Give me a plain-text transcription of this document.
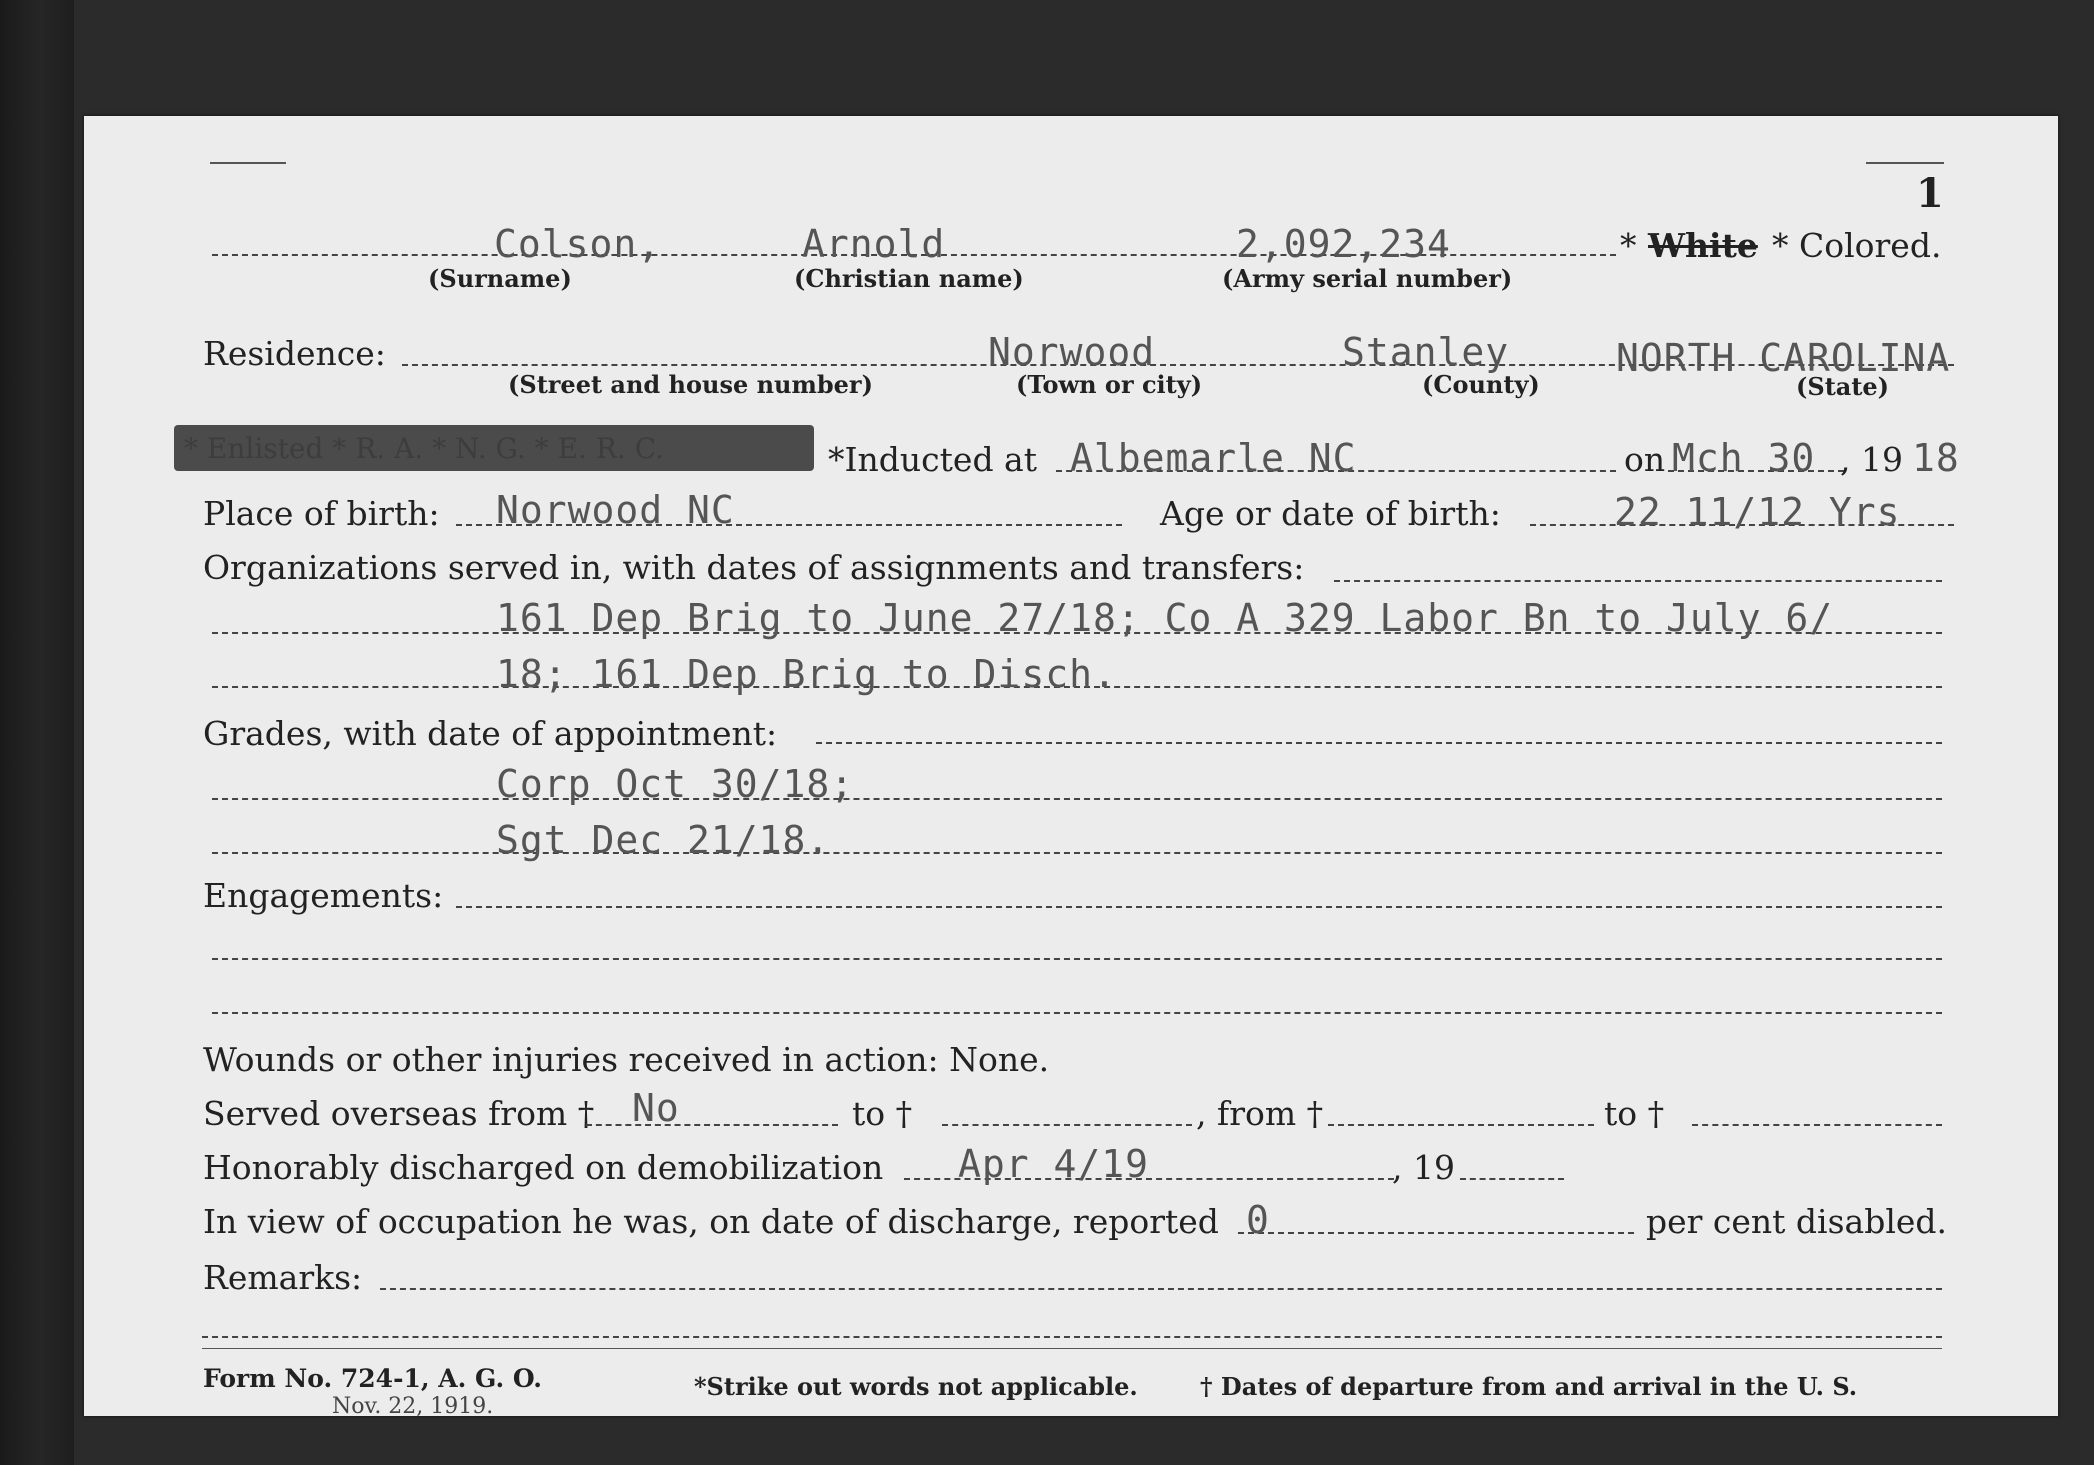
1
Colson,	Arnold	2,092,234	* White * Colored.
(Surname)	(Christian name)	(Army serial number)
Residence:	Norwood	Stanley	NORTH CAROLINA
(Street and house number)	(Town or city)	(County)	(State)
* Enlisted * R. A. * N. G. * E. R. C.	*Inducted at Albemarle NC	on Mch 30 , 19 18
Place of birth: Norwood NC	Age or date of birth:	22 11/12 Yrs
Organizations served in, with dates of assignments and transfers:
161 Dep Brig to June 27/18; Co A 329 Labor Bn to July 6/
18; 161 Dep Brig to Disch.
Grades, with date of appointment:
Corp Oct 30/18;
Sgt Dec 21/18.
Engagements:
Wounds or other injuries received in action: None.
Served overseas from † No	to †	, from †	to †
Honorably discharged on demobilization Apr 4/19	, 19
In view of occupation he was, on date of discharge, reported 0	per cent disabled.
Remarks:
Form No. 724-1, A. G. O.
Nov. 22, 1919.
*Strike out words not applicable.	† Dates of departure from and arrival in the U. S.
